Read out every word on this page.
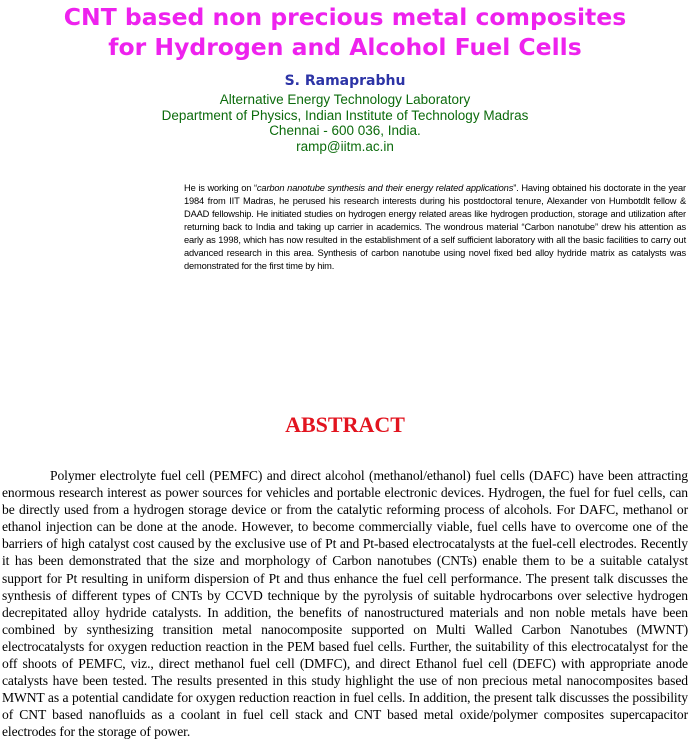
CNT based non precious metal composites
for Hydrogen and Alcohol Fuel Cells
S. Ramaprabhu
Alternative Energy Technology Laboratory
Department of Physics, Indian Institute of Technology Madras
Chennai - 600 036, India.
ramp@iitm.ac.in
He is working on “carbon nanotube synthesis and their energy related applications”. Having obtained his doctorate in the year 1984 from IIT Madras, he perused his research interests during his postdoctoral tenure, Alexander von Humbotdlt fellow & DAAD fellowship. He initiated studies on hydrogen energy related areas like hydrogen production, storage and utilization after returning back to India and taking up carrier in academics. The wondrous material “Carbon nanotube” drew his attention as early as 1998, which has now resulted in the establishment of a self sufficient laboratory with all the basic facilities to carry out advanced research in this area. Synthesis of carbon nanotube using novel fixed bed alloy hydride matrix as catalysts was demonstrated for the first time by him.
ABSTRACT
Polymer electrolyte fuel cell (PEMFC) and direct alcohol (methanol/ethanol) fuel cells (DAFC) have been attracting enormous research interest as power sources for vehicles and portable electronic devices. Hydrogen, the fuel for fuel cells, can be directly used from a hydrogen storage device or from the catalytic reforming process of alcohols. For DAFC, methanol or ethanol injection can be done at the anode. However, to become commercially viable, fuel cells have to overcome one of the barriers of high catalyst cost caused by the exclusive use of Pt and Pt-based electrocatalysts at the fuel-cell electrodes. Recently it has been demonstrated that the size and morphology of Carbon nanotubes (CNTs) enable them to be a suitable catalyst support for Pt resulting in uniform dispersion of Pt and thus enhance the fuel cell performance. The present talk discusses the synthesis of different types of CNTs by CCVD technique by the pyrolysis of suitable hydrocarbons over selective hydrogen decrepitated alloy hydride catalysts. In addition, the benefits of nanostructured materials and non noble metals have been combined by synthesizing transition metal nanocomposite supported on Multi Walled Carbon Nanotubes (MWNT) electrocatalysts for oxygen reduction reaction in the PEM based fuel cells. Further, the suitability of this electrocatalyst for the off shoots of PEMFC, viz., direct methanol fuel cell (DMFC), and direct Ethanol fuel cell (DEFC) with appropriate anode catalysts have been tested. The results presented in this study highlight the use of non precious metal nanocomposites based MWNT as a potential candidate for oxygen reduction reaction in fuel cells. In addition, the present talk discusses the possibility of CNT based nanofluids as a coolant in fuel cell stack and CNT based metal oxide/polymer composites supercapacitor electrodes for the storage of power.
